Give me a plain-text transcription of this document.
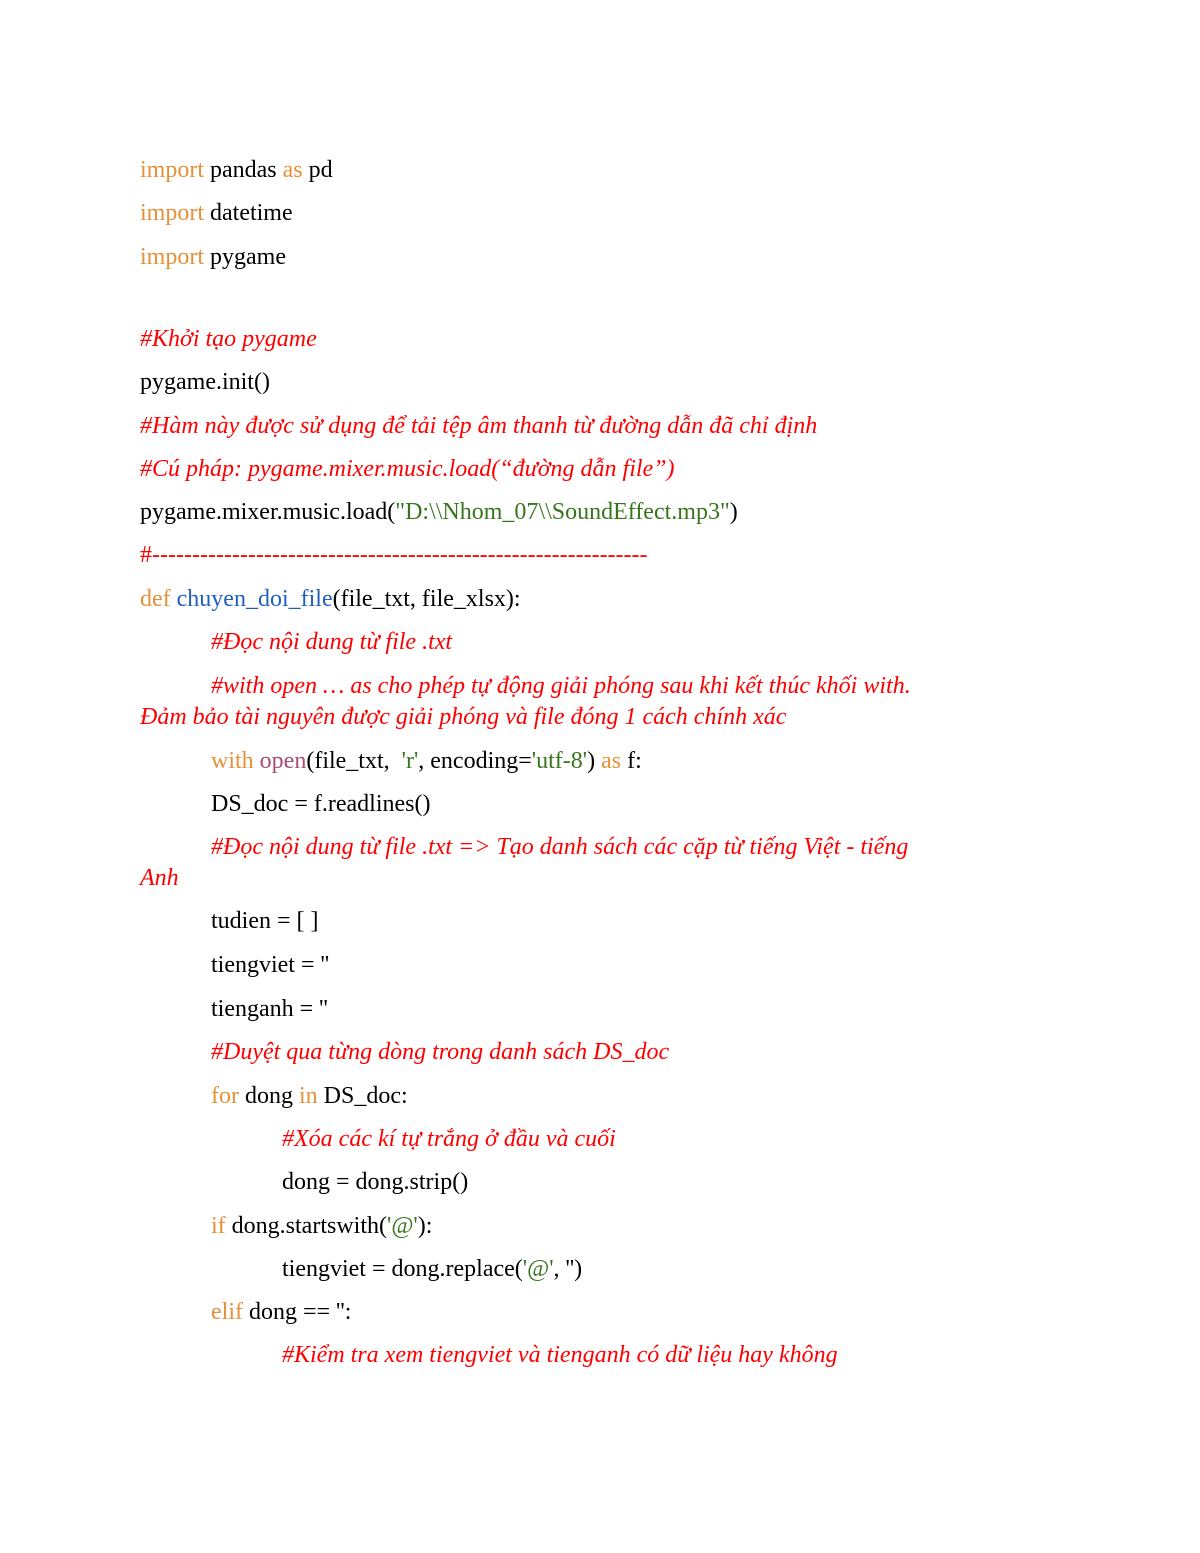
import pandas as pd
import datetime
import pygame
#Khởi tạo pygame
pygame.init()
#Hàm này được sử dụng để tải tệp âm thanh từ đường dẫn đã chỉ định
#Cú pháp: pygame.mixer.music.load(“đường dẫn file”)
pygame.mixer.music.load("D:\\Nhom_07\\SoundEffect.mp3")
#--------------------------------------------------------------
def chuyen_doi_file(file_txt, file_xlsx):
#Đọc nội dung từ file .txt
#with open … as cho phép tự động giải phóng sau khi kết thúc khối with.
Đảm bảo tài nguyên được giải phóng và file đóng 1 cách chính xác
with open(file_txt,  'r', encoding='utf-8') as f:
DS_doc = f.readlines()
#Đọc nội dung từ file .txt => Tạo danh sách các cặp từ tiếng Việt - tiếng
Anh
tudien = [ ]
tiengviet = ''
tienganh = ''
#Duyệt qua từng dòng trong danh sách DS_doc
for dong in DS_doc:
#Xóa các kí tự trắng ở đầu và cuối
dong = dong.strip()
if dong.startswith('@'):
tiengviet = dong.replace('@', '')
elif dong == '':
#Kiểm tra xem tiengviet và tienganh có dữ liệu hay không
